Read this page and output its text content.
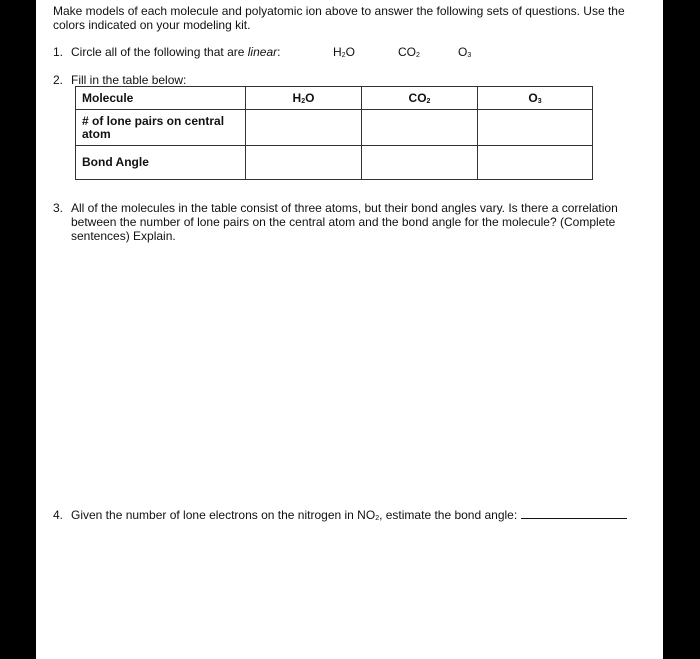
Make models of each molecule and polyatomic ion above to answer the following sets of questions. Use the colors indicated on your modeling kit.
1. Circle all of the following that are linear:	$H_2O$	$CO_2$	$O_3$
2. Fill in the table below:
Molecule	$H_2O$	$CO_2$	$O_3$
# of lone pairs on central atom			
Bond Angle			
3. All of the molecules in the table consist of three atoms, but their bond angles vary. Is there a correlation between the number of lone pairs on the central atom and the bond angle for the molecule? (Complete sentences) Explain.
4. Given the number of lone electrons on the nitrogen in $NO_2$, estimate the bond angle:
